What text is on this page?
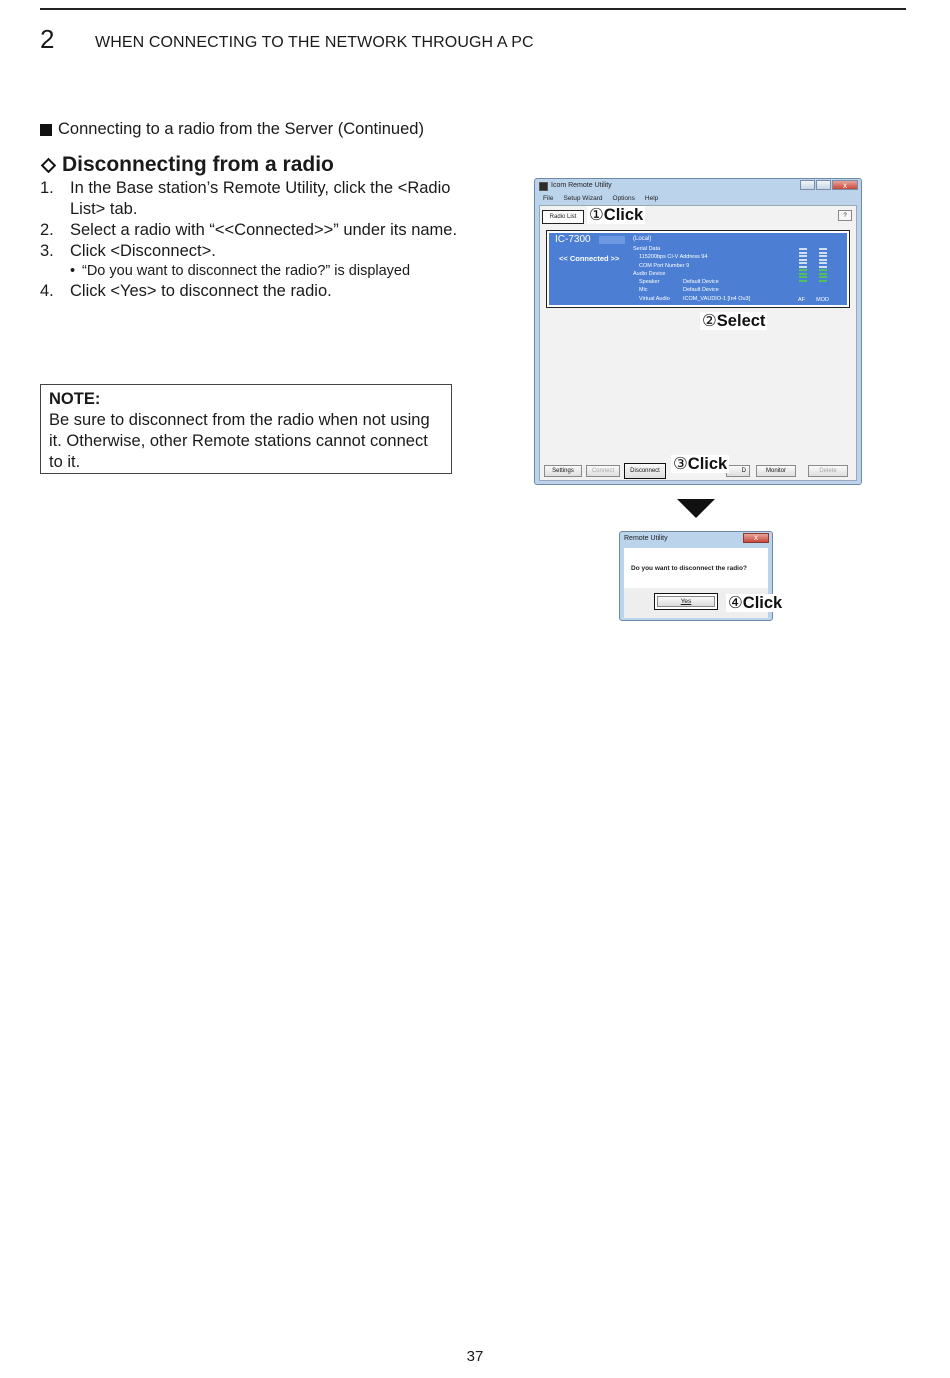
2	WHEN CONNECTING TO THE NETWORK THROUGH A PC
Connecting to a radio from the Server (Continued)
Disconnecting from a radio
1. In the Base station’s Remote Utility, click the <Radio List> tab.
2. Select a radio with “<<Connected>>” under its name.
3. Click <Disconnect>.
• “Do you want to disconnect the radio?” is displayed
4. Click <Yes> to disconnect the radio.
NOTE:
Be sure to disconnect from the radio when not using it. Otherwise, other Remote stations cannot connect to it.
Icom Remote Utility	x
File Setup Wizard Options Help
Radio List	?
IC-7300	(Local)
<< Connected >>
Serial Data
115200bps CI-V Address 94
COM Port Number 9
Audio Device
Speaker	Default Device
Mic	Default Device
Virtual Audio	ICOM_VAUDIO-1 [In4 Ou3]	AF MOD
Settings	Connect	Disconnect	D	Monitor	Delete
①Click
②Select
③Click
Remote Utility	x
Do you want to disconnect the radio?
Yes	④Click
37
